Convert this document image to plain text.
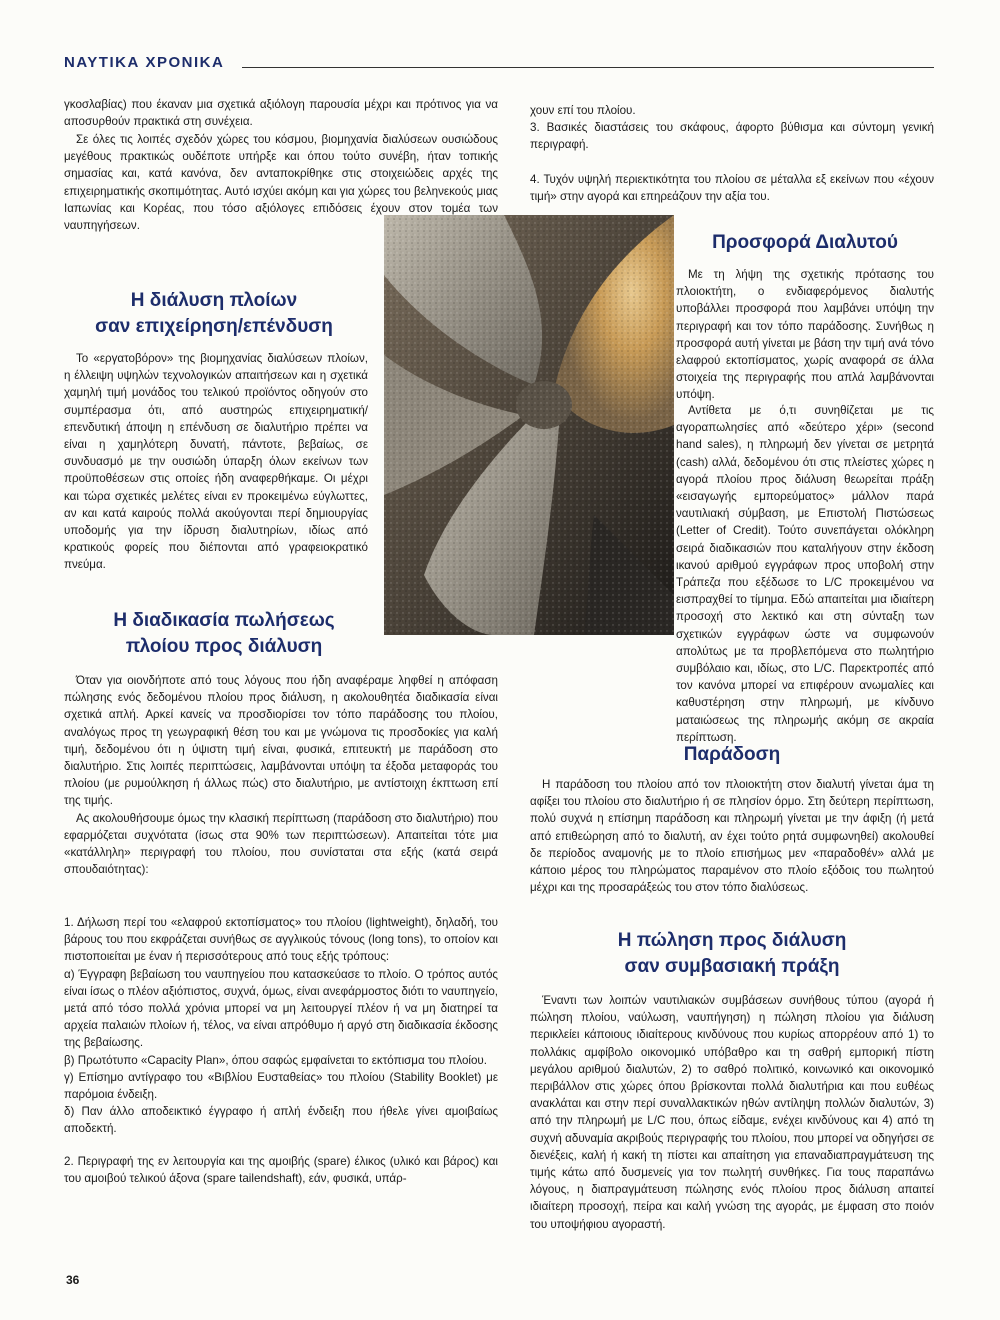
ΝΑΥΤΙΚΑ ΧΡΟΝΙΚΑ

γκοσλαβίας) που έκαναν μια σχετικά αξιόλογη παρουσία μέχρι και πρότινος για να αποσυρθούν πρακτικά στη συνέχεια.

Σε όλες τις λοιπές σχεδόν χώρες του κόσμου, βιομηχανία διαλύσεων ουσιώδους μεγέθους πρακτικώς ουδέποτε υπήρξε και όπου τούτο συνέβη, ήταν τοπικής σημασίας και, κατά κανόνα, δεν ανταποκρίθηκε στις στοιχειώδεις αρχές της επιχειρηματικής σκοπιμότητας. Αυτό ισχύει ακόμη και για χώρες του βεληνεκούς μιας Ιαπωνίας και Κορέας, που τόσο αξιόλογες επιδόσεις έχουν στον τομέα των ναυπηγήσεων.

Η διάλυση πλοίων
σαν επιχείρηση/επένδυση

Το «εργατοβόρον» της βιομηχανίας διαλύσεων πλοίων, η έλλειψη υψηλών τεχνολογικών απαιτήσεων και η σχετικά χαμηλή τιμή μονάδος του τελικού προϊόντος οδηγούν στο συμπέρασμα ότι, από αυστηρώς επιχειρηματική/επενδυτική άποψη η επένδυση σε διαλυτήριο πρέπει να είναι η χαμηλότερη δυνατή, πάντοτε, βεβαίως, σε συνδυασμό με την ουσιώδη ύπαρξη όλων εκείνων των προϋποθέσεων στις οποίες ήδη αναφερθήκαμε. Οι μέχρι και τώρα σχετικές μελέτες είναι εν προκειμένω εύγλωττες, αν και κατά καιρούς πολλά ακούγονται περί δημιουργίας υποδομής για την ίδρυση διαλυτηρίων, ιδίως από κρατικούς φορείς που διέπονται από γραφειοκρατικό πνεύμα.

Η διαδικασία πωλήσεως
πλοίου προς διάλυση

Όταν για οιονδήποτε από τους λόγους που ήδη αναφέραμε ληφθεί η απόφαση πώλησης ενός δεδομένου πλοίου προς διάλυση, η ακολουθητέα διαδικασία είναι σχετικά απλή. Αρκεί κανείς να προσδιορίσει τον τόπο παράδοσης του πλοίου, αναλόγως προς τη γεωγραφική θέση του και με γνώμονα τις προσδοκίες για καλή τιμή, δεδομένου ότι η ύψιστη τιμή είναι, φυσικά, επιτευκτή με παράδοση στο διαλυτήριο. Στις λοιπές περιπτώσεις, λαμβάνονται υπόψη τα έξοδα μεταφοράς του πλοίου (με ρυμούλκηση ή άλλως πώς) στο διαλυτήριο, με αντίστοιχη έκπτωση επί της τιμής.

Ας ακολουθήσουμε όμως την κλασική περίπτωση (παράδοση στο διαλυτήριο) που εφαρμόζεται συχνότατα (ίσως στα 90% των περιπτώσεων). Απαιτείται τότε μια «κατάλληλη» περιγραφή του πλοίου, που συνίσταται στα εξής (κατά σειρά σπουδαιότητας):

1. Δήλωση περί του «ελαφρού εκτοπίσματος» του πλοίου (lightweight), δηλαδή, του βάρους του που εκφράζεται συνήθως σε αγγλικούς τόνους (long tons), το οποίον και πιστοποιείται με έναν ή περισσότερους από τους εξής τρόπους:

α) Έγγραφη βεβαίωση του ναυπηγείου που κατασκεύασε το πλοίο. Ο τρόπος αυτός είναι ίσως ο πλέον αξιόπιστος, συχνά, όμως, είναι ανεφάρμοστος διότι το ναυπηγείο, μετά από τόσο πολλά χρόνια μπορεί να μη λειτουργεί πλέον ή να μη διατηρεί τα αρχεία παλαιών πλοίων ή, τέλος, να είναι απρόθυμο ή αργό στη διαδικασία έκδοσης της βεβαίωσης.

β) Πρωτότυπο «Capacity Plan», όπου σαφώς εμφαίνεται το εκτόπισμα του πλοίου.

γ) Επίσημο αντίγραφο του «Βιβλίου Ευσταθείας» του πλοίου (Stability Booklet) με παρόμοια ένδειξη.

δ) Παν άλλο αποδεικτικό έγγραφο ή απλή ένδειξη που ήθελε γίνει αμοιβαίως αποδεκτή.

2. Περιγραφή της εν λειτουργία και της αμοιβής (spare) έλικος (υλικό και βάρος) και του αμοιβού τελικού άξονα (spare tailendshaft), εάν, φυσικά, υπάρ-

χουν επί του πλοίου.

3. Βασικές διαστάσεις του σκάφους, άφορτο βύθισμα και σύντομη γενική περιγραφή.

4. Τυχόν υψηλή περιεκτικότητα του πλοίου σε μέταλλα εξ εκείνων που «έχουν τιμή» στην αγορά και επηρεάζουν την αξία του.

Προσφορά Διαλυτού

Με τη λήψη της σχετικής πρότασης του πλοιοκτήτη, ο ενδιαφερόμενος διαλυτής υποβάλλει προσφορά που λαμβάνει υπόψη την περιγραφή και τον τόπο παράδοσης. Συνήθως η προσφορά αυτή γίνεται με βάση την τιμή ανά τόνο ελαφρού εκτοπίσματος, χωρίς αναφορά σε άλλα στοιχεία της περιγραφής που απλά λαμβάνονται υπόψη.

Αντίθετα με ό,τι συνηθίζεται με τις αγοραπωλησίες από «δεύτερο χέρι» (second hand sales), η πληρωμή δεν γίνεται σε μετρητά (cash) αλλά, δεδομένου ότι στις πλείστες χώρες η αγορά πλοίου προς διάλυση θεωρείται πράξη «εισαγωγής εμπορεύματος» μάλλον παρά ναυτιλιακή σύμβαση, με Επιστολή Πιστώσεως (Letter of Credit). Τούτο συνεπάγεται ολόκληρη σειρά διαδικασιών που καταλήγουν στην έκδοση ικανού αριθμού εγγράφων προς υποβολή στην Τράπεζα που εξέδωσε το L/C προκειμένου να εισπραχθεί το τίμημα. Εδώ απαιτείται μια ιδιαίτερη προσοχή στο λεκτικό και στη σύνταξη των σχετικών εγγράφων ώστε να συμφωνούν απολύτως με τα προβλεπόμενα στο πωλητήριο συμβόλαιο και, ιδίως, στο L/C. Παρεκτροπές από τον κανόνα μπορεί να επιφέρουν ανωμαλίες και καθυστέρηση στην πληρωμή, με κίνδυνο ματαιώσεως της πληρωμής ακόμη σε ακραία περίπτωση.

Παράδοση

Η παράδοση του πλοίου από τον πλοιοκτήτη στον διαλυτή γίνεται άμα τη αφίξει του πλοίου στο διαλυτήριο ή σε πλησίον όρμο. Στη δεύτερη περίπτωση, πολύ συχνά η επίσημη παράδοση και πληρωμή γίνεται με την άφιξη (ή μετά από επιθεώρηση από το διαλυτή, αν έχει τούτο ρητά συμφωνηθεί) ακολουθεί δε περίοδος αναμονής με το πλοίο επισήμως μεν «παραδοθέν» αλλά με κάποιο μέρος του πληρώματος παραμένον στο πλοίο εξόδοις του πωλητού μέχρι και της προσαράξεώς του στον τόπο διαλύσεως.

Η πώληση προς διάλυση
σαν συμβασιακή πράξη

Έναντι των λοιπών ναυτιλιακών συμβάσεων συνήθους τύπου (αγορά ή πώληση πλοίου, ναύλωση, ναυπήγηση) η πώληση πλοίου για διάλυση περικλείει κάποιους ιδιαίτερους κινδύνους που κυρίως απορρέουν από 1) το πολλάκις αμφίβολο οικονομικό υπόβαθρο και τη σαθρή εμπορική πίστη μεγάλου αριθμού διαλυτών, 2) το σαθρό πολιτικό, κοινωνικό και οικονομικό περιβάλλον στις χώρες όπου βρίσκονται πολλά διαλυτήρια και που ευθέως ανακλάται και στην περί συναλλακτικών ηθών αντίληψη πολλών διαλυτών, 3) από την πληρωμή με L/C που, όπως είδαμε, ενέχει κινδύνους και 4) από τη συχνή αδυναμία ακριβούς περιγραφής του πλοίου, που μπορεί να οδηγήσει σε διενέξεις, καλή ή κακή τη πίστει και απαίτηση για επαναδιαπραγμάτευση της τιμής κάτω από δυσμενείς για τον πωλητή συνθήκες. Για τους παραπάνω λόγους, η διαπραγμάτευση πώλησης ενός πλοίου προς διάλυση απαιτεί ιδιαίτερη προσοχή, πείρα και καλή γνώση της αγοράς, με έμφαση στο ποιόν του υποψήφιου αγοραστή.

36
